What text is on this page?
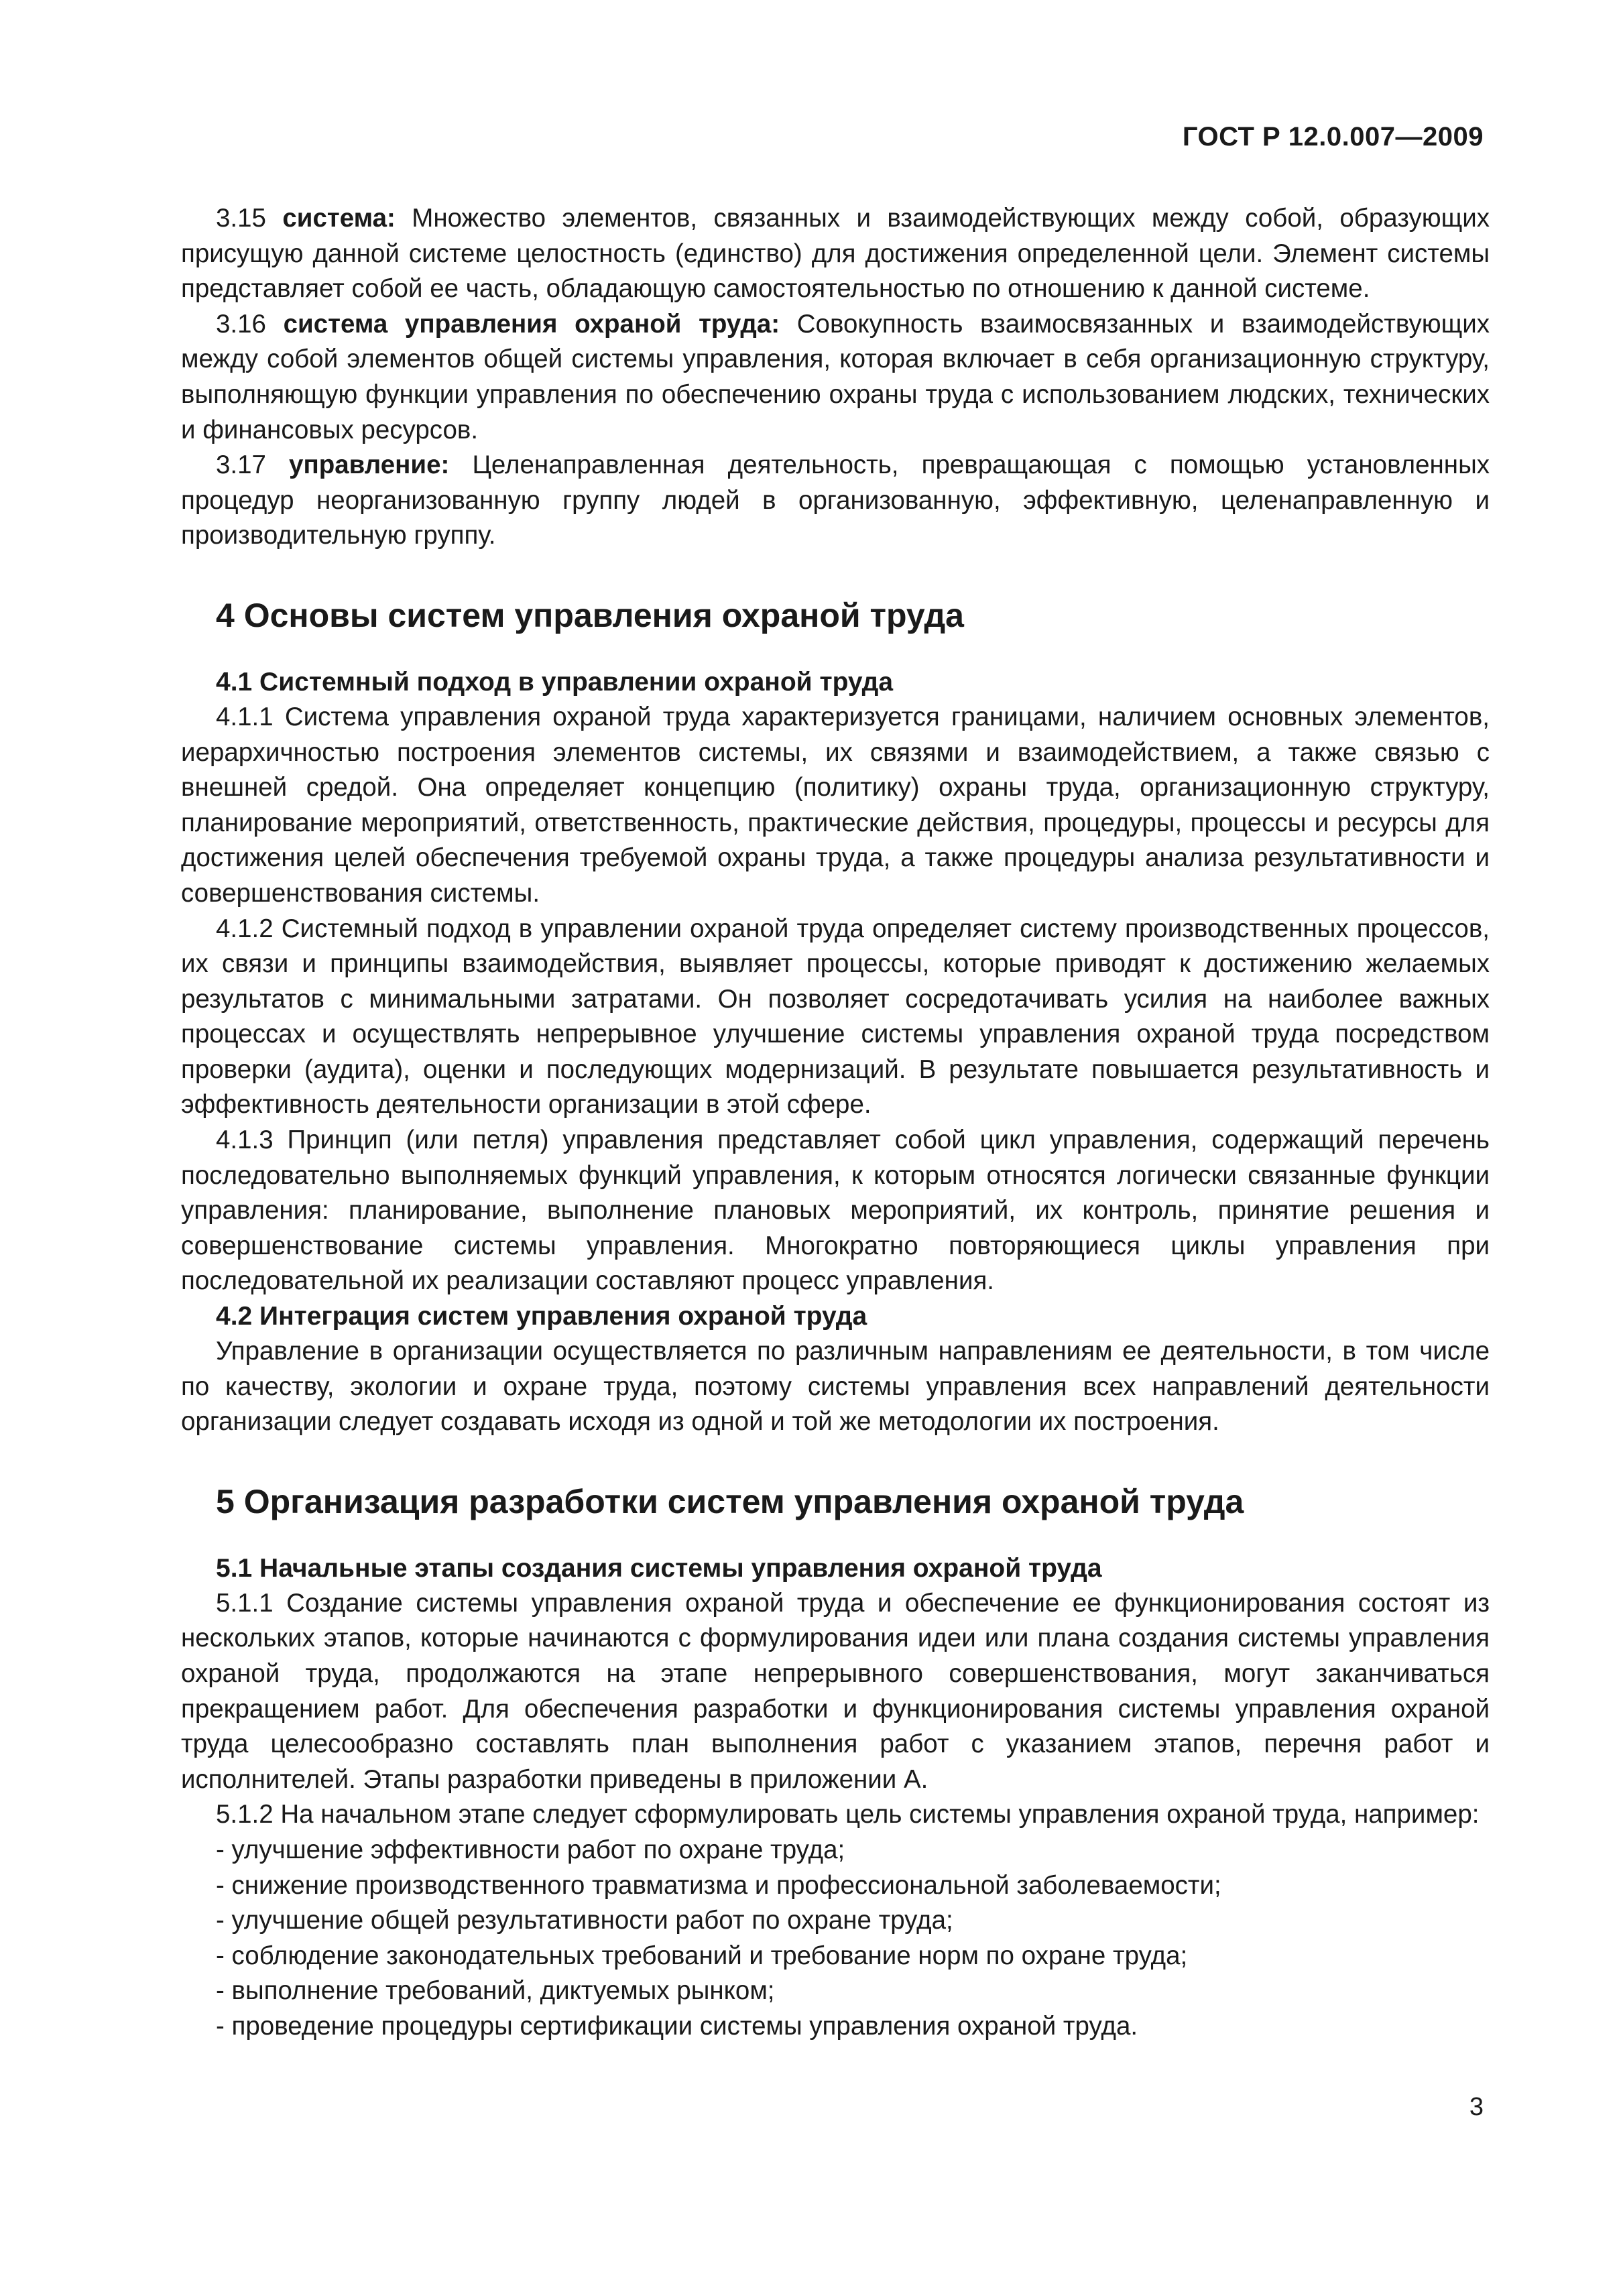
ГОСТ Р 12.0.007—2009

3.15 система: Множество элементов, связанных и взаимодействующих между собой, образующих присущую данной системе целостность (единство) для достижения определенной цели. Элемент системы представляет собой ее часть, обладающую самостоятельностью по отношению к данной системе.

3.16 система управления охраной труда: Совокупность взаимосвязанных и взаимодействующих между собой элементов общей системы управления, которая включает в себя организационную структуру, выполняющую функции управления по обеспечению охраны труда с использованием людских, технических и финансовых ресурсов.

3.17 управление: Целенаправленная деятельность, превращающая с помощью установленных процедур неорганизованную группу людей в организованную, эффективную, целенаправленную и производительную группу.

4 Основы систем управления охраной труда
4.1 Системный подход в управлении охраной труда

4.1.1 Система управления охраной труда характеризуется границами, наличием основных элементов, иерархичностью построения элементов системы, их связями и взаимодействием, а также связью с внешней средой. Она определяет концепцию (политику) охраны труда, организационную структуру, планирование мероприятий, ответственность, практические действия, процедуры, процессы и ресурсы для достижения целей обеспечения требуемой охраны труда, а также процедуры анализа результативности и совершенствования системы.

4.1.2 Системный подход в управлении охраной труда определяет систему производственных процессов, их связи и принципы взаимодействия, выявляет процессы, которые приводят к достижению желаемых результатов с минимальными затратами. Он позволяет сосредотачивать усилия на наиболее важных процессах и осуществлять непрерывное улучшение системы управления охраной труда посредством проверки (аудита), оценки и последующих модернизаций. В результате повышается результативность и эффективность деятельности организации в этой сфере.

4.1.3 Принцип (или петля) управления представляет собой цикл управления, содержащий перечень последовательно выполняемых функций управления, к которым относятся логически связанные функции управления: планирование, выполнение плановых мероприятий, их контроль, принятие решения и совершенствование системы управления. Многократно повторяющиеся циклы управления при последовательной их реализации составляют процесс управления.

4.2 Интеграция систем управления охраной труда

Управление в организации осуществляется по различным направлениям ее деятельности, в том числе по качеству, экологии и охране труда, поэтому системы управления всех направлений деятельности организации следует создавать исходя из одной и той же методологии их построения.

5 Организация разработки систем управления охраной труда
5.1 Начальные этапы создания системы управления охраной труда

5.1.1 Создание системы управления охраной труда и обеспечение ее функционирования состоят из нескольких этапов, которые начинаются с формулирования идеи или плана создания системы управления охраной труда, продолжаются на этапе непрерывного совершенствования, могут заканчиваться прекращением работ. Для обеспечения разработки и функционирования системы управления охраной труда целесообразно составлять план выполнения работ с указанием этапов, перечня работ и исполнителей. Этапы разработки приведены в приложении А.

5.1.2 На начальном этапе следует сформулировать цель системы управления охраной труда, например:

- улучшение эффективности работ по охране труда;
- снижение производственного травматизма и профессиональной заболеваемости;
- улучшение общей результативности работ по охране труда;
- соблюдение законодательных требований и требование норм по охране труда;
- выполнение требований, диктуемых рынком;
- проведение процедуры сертификации системы управления охраной труда.
3
